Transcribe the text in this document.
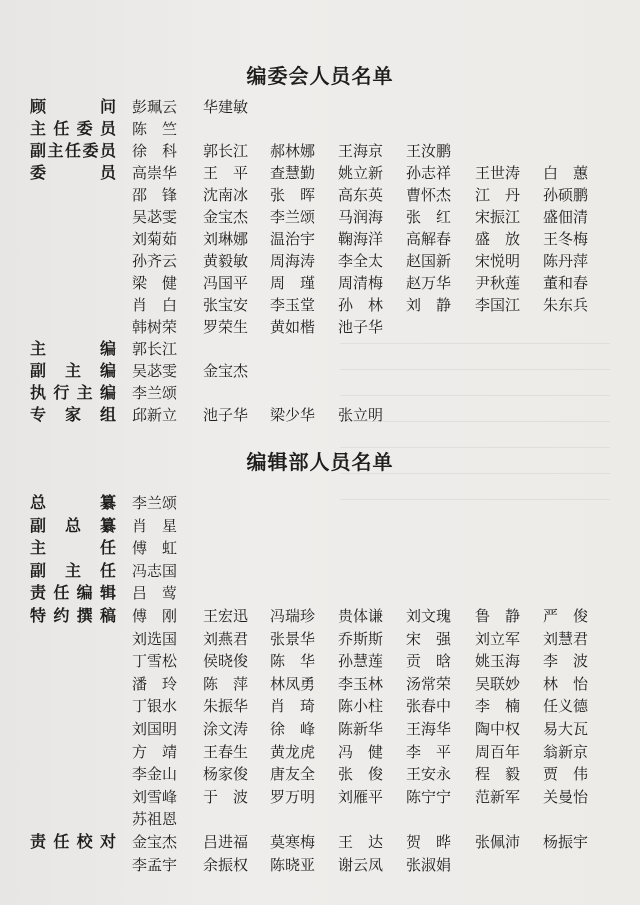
编委会人员名单
顾	问 彭珮云 华建敏
主 任 委 员 陈　竺
副 主 任 委 员 徐　科 郭长江 郝林娜 王海京 王汝鹏
委	员 高崇华 王　平 查慧勤 姚立新 孙志祥 王世涛 白　蕙
邵　锋 沈南冰 张　晖 高东英 曹怀杰 江　丹 孙硕鹏
吴苾雯 金宝杰 李兰颂 马润海 张　红 宋振江 盛佃清
刘菊茹 刘琳娜 温治宇 鞠海洋 高解春 盛　放 王冬梅
孙齐云 黄毅敏 周海涛 李全太 赵国新 宋悦明 陈丹萍
梁　健 冯国平 周　瑾 周清梅 赵万华 尹秋莲 董和春
肖　白 张宝安 李玉堂 孙　林 刘　静 李国江 朱东兵
韩树荣 罗荣生 黄如楷 池子华
主	编 郭长江
副 主 编 吴苾雯 金宝杰
执 行 主 编 李兰颂
专 家 组 邱新立 池子华 梁少华 张立明
编辑部人员名单
总	纂 李兰颂
副 总 纂 肖　星
主	任 傅　虹
副 主 任 冯志国
责 任 编 辑 吕　莺
特 约 撰 稿 傅　刚 王宏迅 冯瑞珍 贵体谦 刘文瑰 鲁　静 严　俊
刘选国 刘燕君 张景华 乔斯斯 宋　强 刘立军 刘慧君
丁雪松 侯晓俊 陈　华 孙慧莲 贡　晗 姚玉海 李　波
潘　玲 陈　萍 林凤勇 李玉林 汤常荣 吴联妙 林　怡
丁银水 朱振华 肖　琦 陈小柱 张春中 李　楠 任义德
刘国明 涂文涛 徐　峰 陈新华 王海华 陶中权 易大瓦
方　靖 王春生 黄龙虎 冯　健 李　平 周百年 翁新京
李金山 杨家俊 唐友全 张　俊 王安永 程　毅 贾　伟
刘雪峰 于　波 罗万明 刘雁平 陈宁宁 范新军 关曼怡
苏祖恩
责 任 校 对 金宝杰 吕进福 莫寒梅 王　达 贺　晔 张佩沛 杨振宇
李孟宇 余振权 陈晓亚 谢云凤 张淑娟
